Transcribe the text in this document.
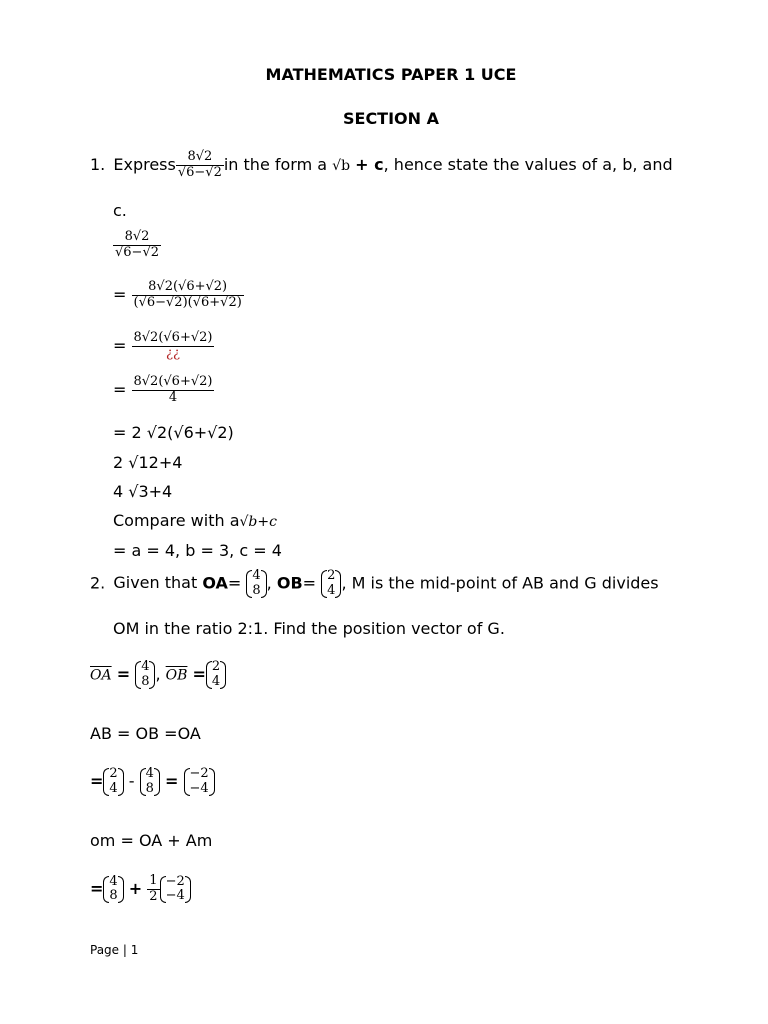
MATHEMATICS PAPER 1 UCE
SECTION A
1. Express $\frac{8√2}{√6-√2}$ in the form a √b + c, hence state the values of a, b, and
c.
$\frac{8√2}{√6-√2}$
= $\frac{8√2(√6+√2)}{(√6-√2)(√6+√2)}$
= $\frac{8√2(√6+√2)}{¿¿}$
= $\frac{8√2(√6+√2)}{4}$
= 2 √2(√6+√2)
2 √12+4
4 √3+4
Compare with a√b+c
= a = 4, b = 3, c = 4
2. Given that OA= 4
8 , OB= 2
4 , M is the mid-point of AB and G divides
OM in the ratio 2:1. Find the position vector of G.
$\overline{OA} = 4$
8 , $\overline{OB} = 2$
4
AB = OB =OA
= 2
4 - 4
8 = −2
−4
om = OA + Am
= 4
$8 + \frac{1}{2} -2$
−4
Page | 1
